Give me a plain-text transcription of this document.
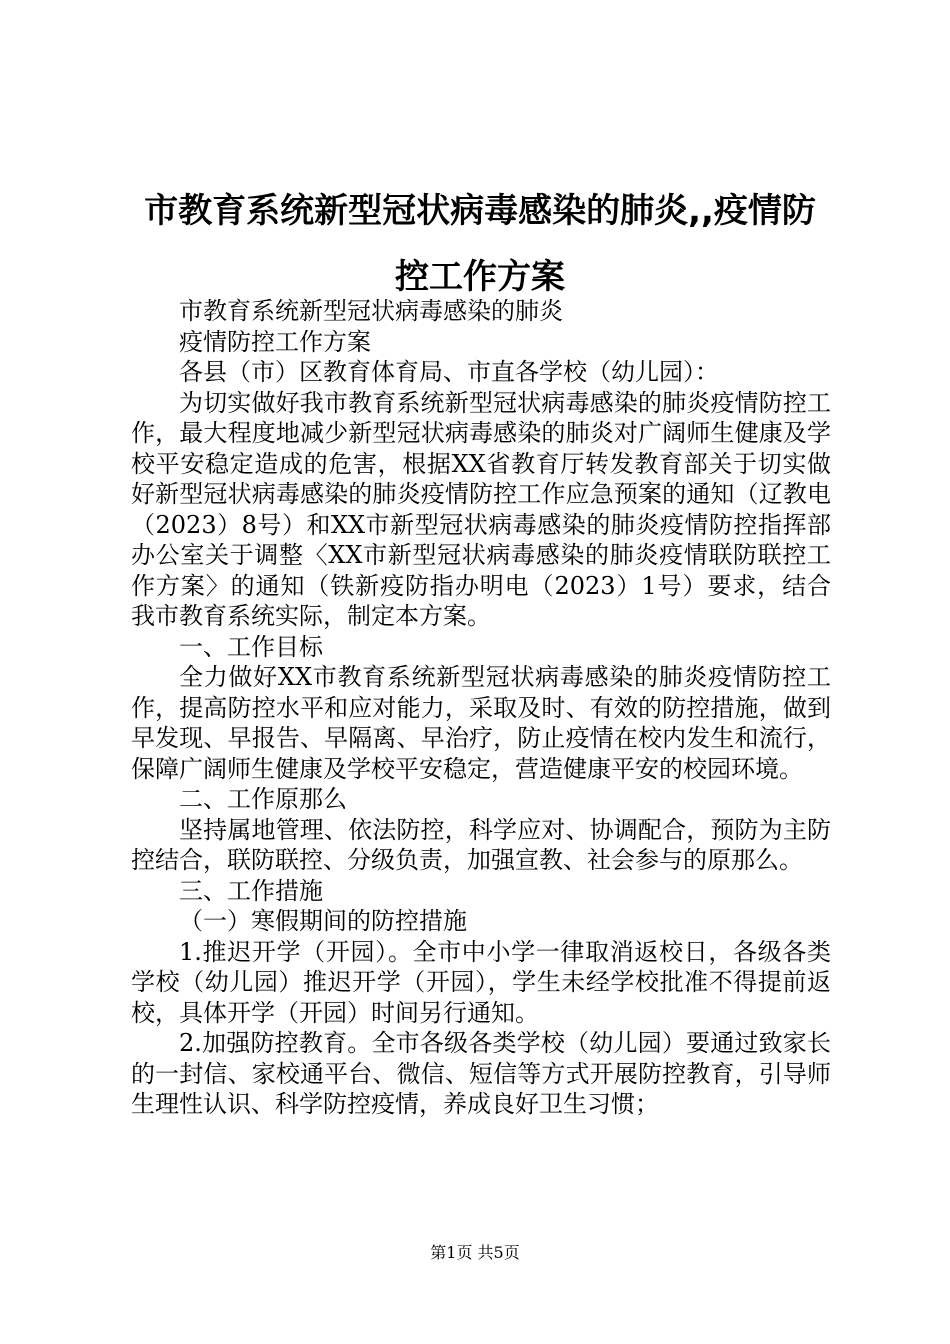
市教育系统新型冠状病毒感染的肺炎,,疫情防
控工作方案

市教育系统新型冠状病毒感染的肺炎

疫情防控工作方案

各县（市）区教育体育局、市直各学校（幼儿园）：

为切实做好我市教育系统新型冠状病毒感染的肺炎疫情防控工作，最大程度地减少新型冠状病毒感染的肺炎对广阔师生健康及学校平安稳定造成的危害，根据XX省教育厅转发教育部关于切实做好新型冠状病毒感染的肺炎疫情防控工作应急预案的通知（辽教电（2023）8号）和XX市新型冠状病毒感染的肺炎疫情防控指挥部办公室关于调整〈XX市新型冠状病毒感染的肺炎疫情联防联控工作方案〉的通知（铁新疫防指办明电（2023）1号）要求，结合我市教育系统实际，制定本方案。

一、工作目标

全力做好XX市教育系统新型冠状病毒感染的肺炎疫情防控工作，提高防控水平和应对能力，采取及时、有效的防控措施，做到早发现、早报告、早隔离、早治疗，防止疫情在校内发生和流行，保障广阔师生健康及学校平安稳定，营造健康平安的校园环境。

二、工作原那么

坚持属地管理、依法防控，科学应对、协调配合，预防为主防控结合，联防联控、分级负责，加强宣教、社会参与的原那么。

三、工作措施

（一）寒假期间的防控措施

1.推迟开学（开园）。全市中小学一律取消返校日，各级各类学校（幼儿园）推迟开学（开园），学生未经学校批准不得提前返校，具体开学（开园）时间另行通知。

2.加强防控教育。全市各级各类学校（幼儿园）要通过致家长的一封信、家校通平台、微信、短信等方式开展防控教育，引导师生理性认识、科学防控疫情，养成良好卫生习惯；

第1页 共5页
